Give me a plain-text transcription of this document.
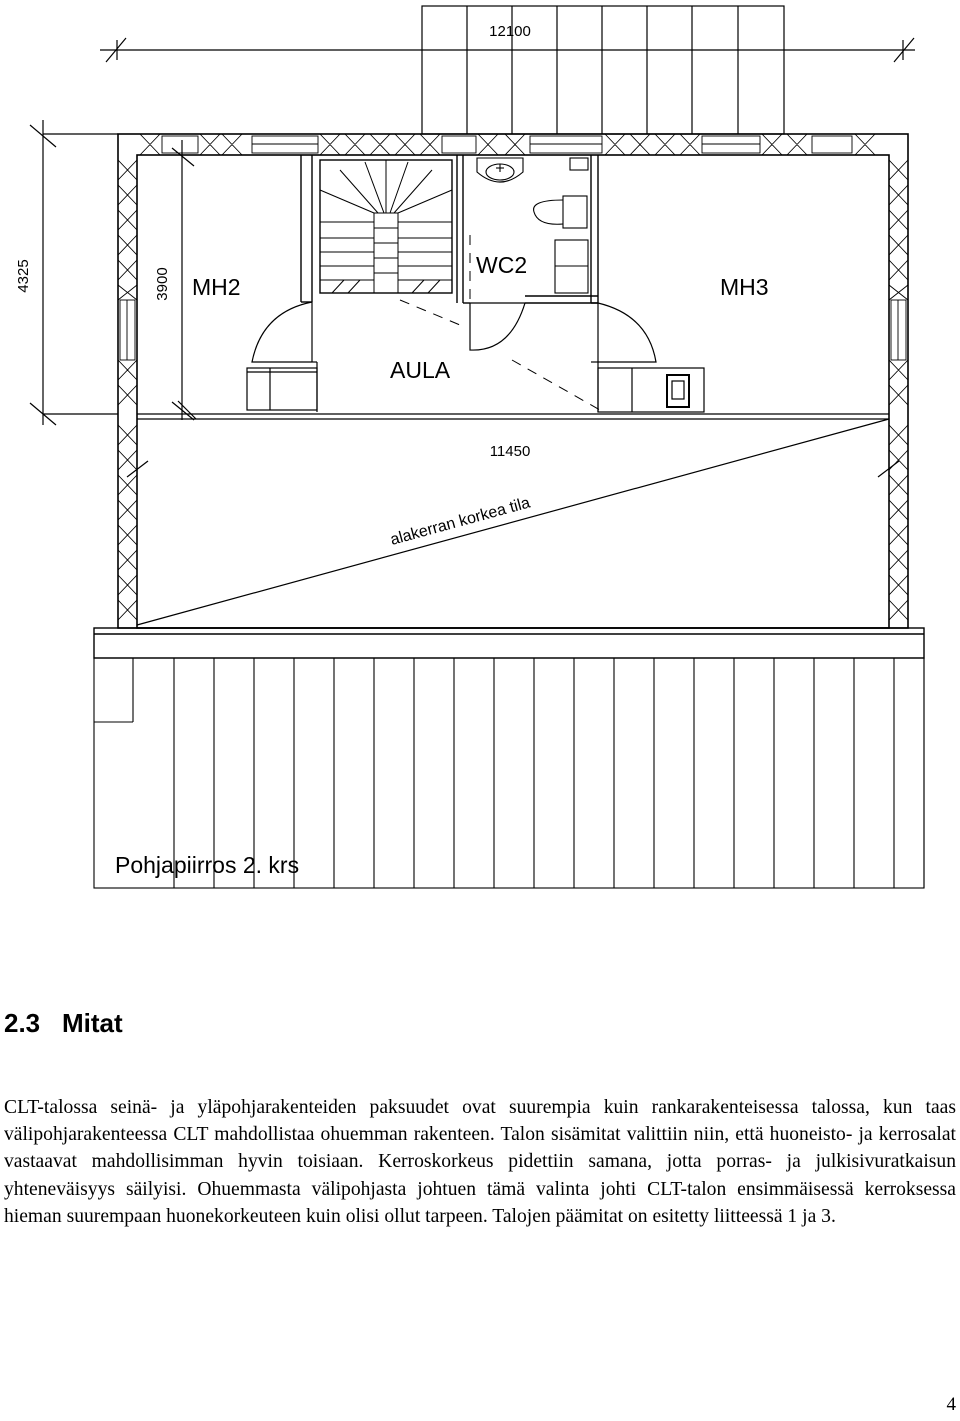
12100
4325	3900
11450
MH2	MH3
WC2
AULA
alakerran korkea tila
Pohjapiirros 2. krs
2.3 Mitat

CLT-talossa seinä- ja yläpohjarakenteiden paksuudet ovat suurempia kuin rankarakenteisessa talossa, kun taas välipohjarakenteessa CLT mahdollistaa ohuemman rakenteen. Talon sisämitat valittiin niin, että huoneisto- ja kerrosalat vastaavat mahdollisimman hyvin toisiaan. Kerroskorkeus pidettiin samana, jotta porras- ja julkisivuratkaisun yhteneväisyys säilyisi. Ohuemmasta välipohjasta johtuen tämä valinta johti CLT-talon ensimmäisessä kerroksessa hieman suurempaan huonekorkeuteen kuin olisi ollut tarpeen. Talojen päämitat on esitetty liitteessä 1 ja 3.

4
